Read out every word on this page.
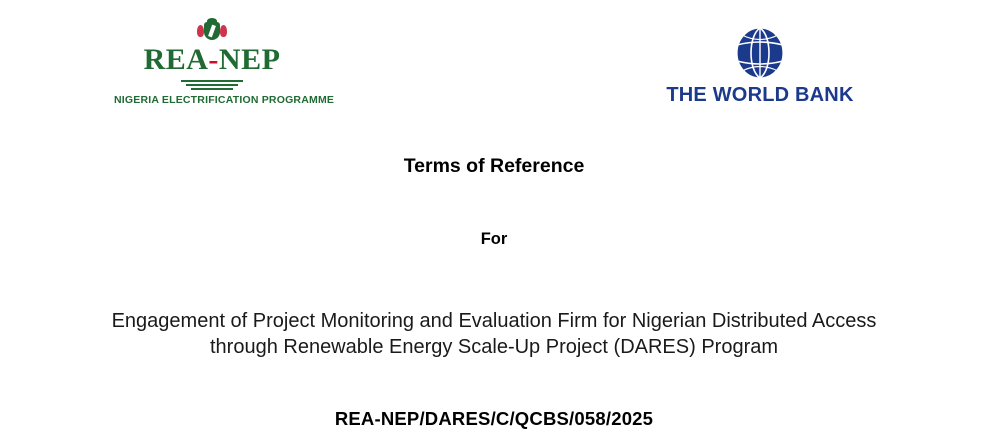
REA-NEP
NIGERIA ELECTRIFICATION PROGRAMME	THE WORLD BANK
Terms of Reference
For
Engagement of Project Monitoring and Evaluation Firm for Nigerian Distributed Access through Renewable Energy Scale-Up Project (DARES) Program
REA-NEP/DARES/C/QCBS/058/2025
